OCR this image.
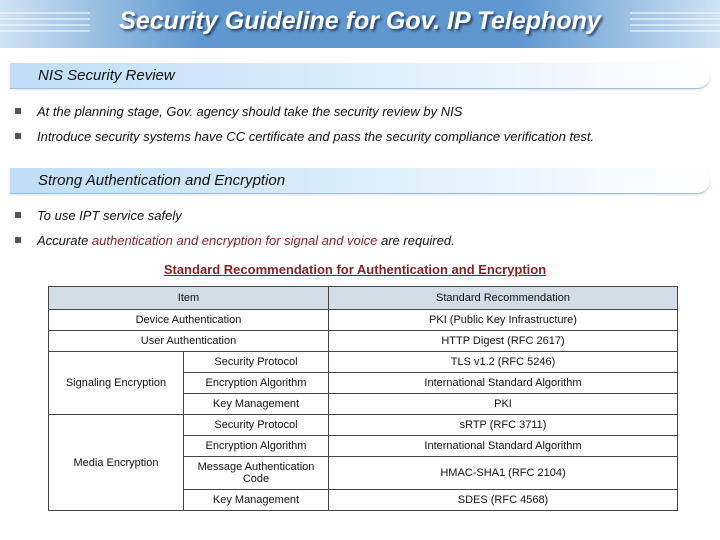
Security Guideline for Gov. IP Telephony
NIS Security Review
At the planning stage, Gov. agency should take the security review by NIS
Introduce security systems have CC certificate and pass the security compliance verification test.
Strong Authentication and Encryption
To use IPT service safely
Accurate authentication and encryption for signal and voice are required.
Standard Recommendation for Authentication and Encryption
Item		Standard Recommendation
Device Authentication		PKI (Public Key Infrastructure)
User Authentication		HTTP Digest (RFC 2617)
Signaling Encryption	Security Protocol	TLS v1.2 (RFC 5246)
	Encryption Algorithm	International Standard Algorithm
	Key Management	PKI
Media Encryption	Security Protocol	sRTP (RFC 3711)
	Encryption Algorithm	International Standard Algorithm
	Message Authentication Code	HMAC-SHA1 (RFC 2104)
	Key Management	SDES (RFC 4568)
